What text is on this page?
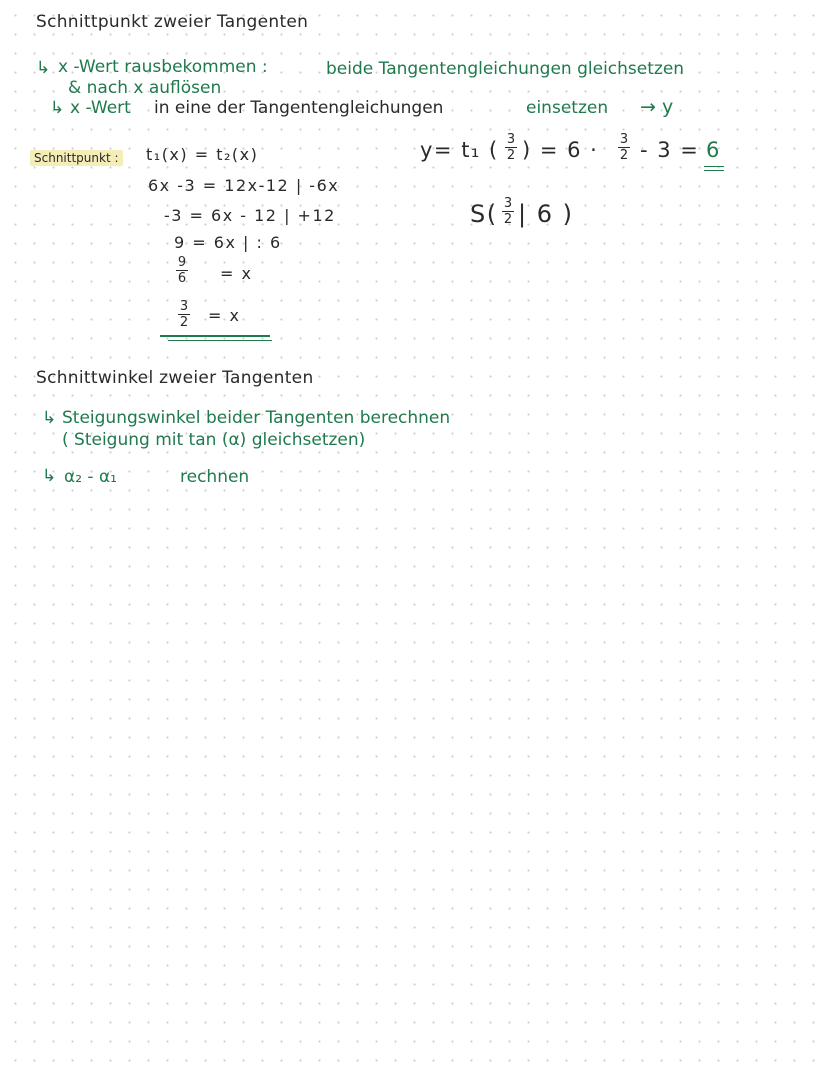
Schnittpunkt zweier Tangenten
↳ x -Wert rausbekommen :	beide Tangentengleichungen gleichsetzen
& nach x auflösen
↳ x -Wert in eine der Tangentengleichungen	einsetzen → y
Schnittpunkt : t₁(x) = t₂(x)
6x -3 = 12x-12 | -6x
-3 = 6x - 12 | +12
9 = 6x | : 6
9
6 = x
3
2 = x
y= t₁ ( 3
2 ) = 6 · 3
2 - 3 = 6
S( 3
2 | 6 )
Schnittwinkel zweier Tangenten
↳ Steigungswinkel beider Tangenten berechnen
( Steigung mit tan (α) gleichsetzen)
↳ α₂ - α₁	rechnen
